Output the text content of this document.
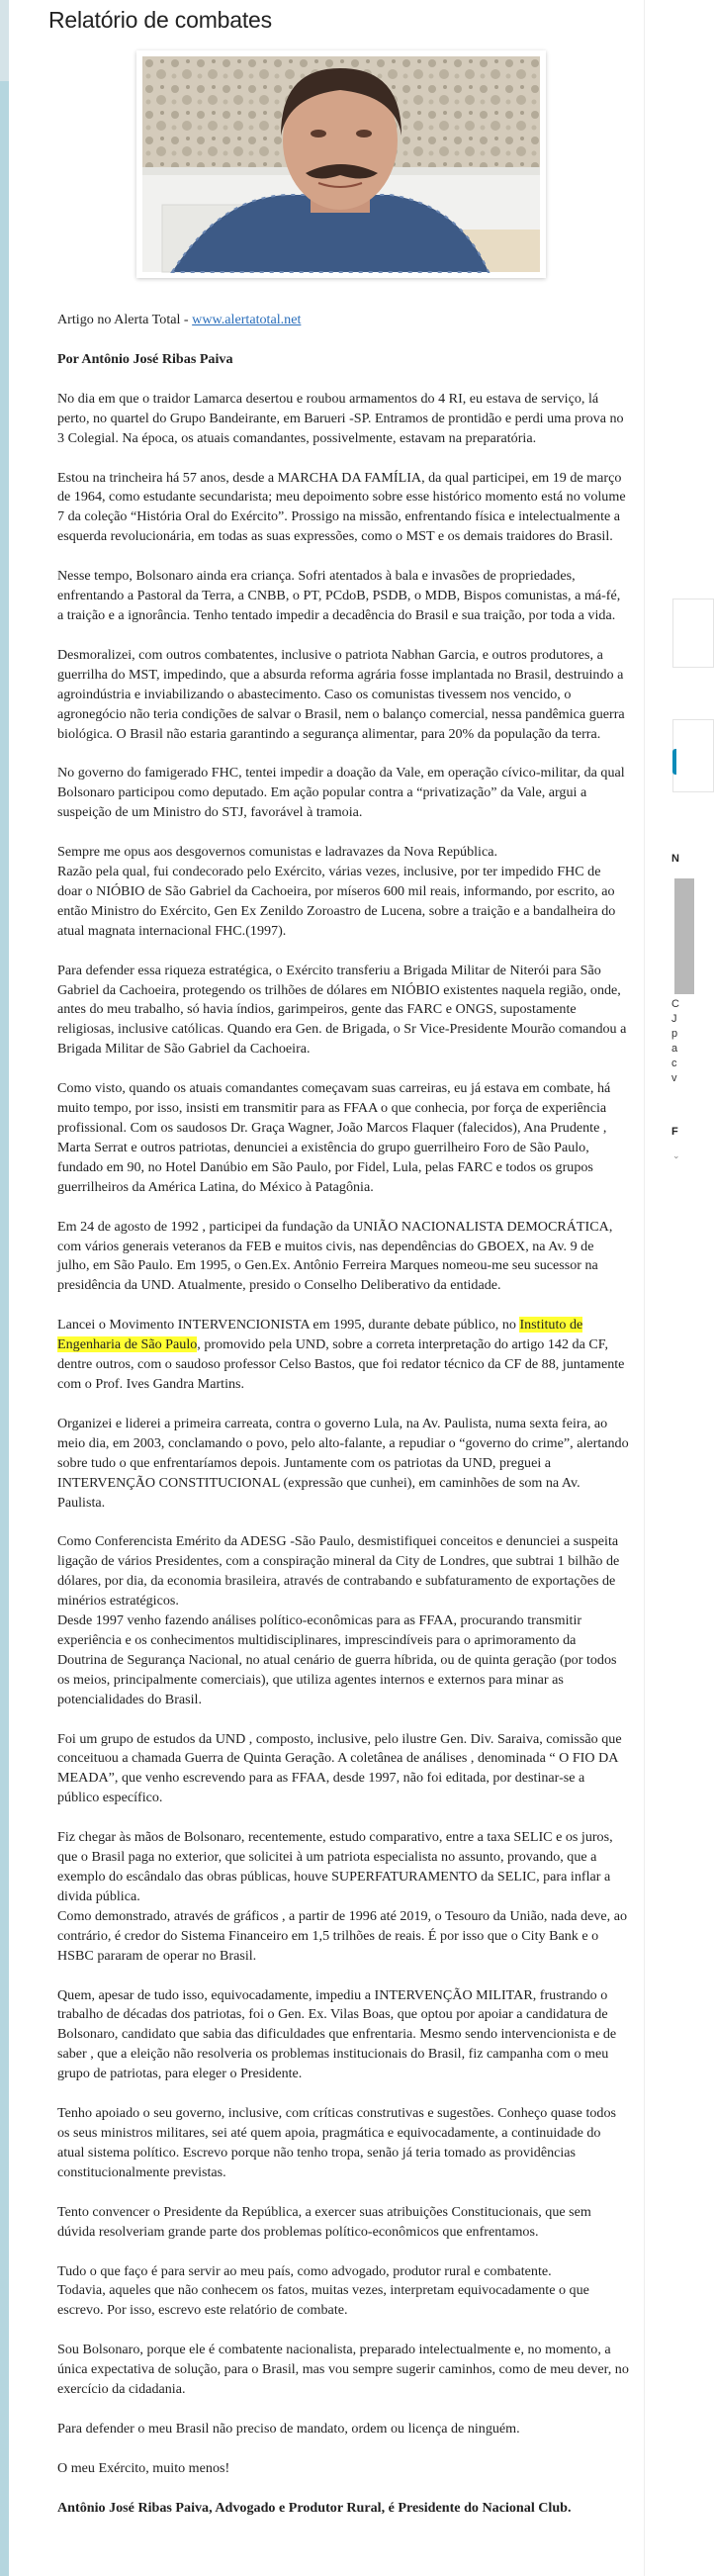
Relatório de combates

Artigo no Alerta Total - www.alertatotal.net

Por Antônio José Ribas Paiva

No dia em que o traidor Lamarca desertou e roubou armamentos do 4 RI, eu estava de serviço, lá perto, no quartel do Grupo Bandeirante, em Barueri -SP. Entramos de prontidão e perdi uma prova no 3 Colegial. Na época, os atuais comandantes, possivelmente, estavam na preparatória.

Estou na trincheira há 57 anos, desde a MARCHA DA FAMÍLIA, da qual participei, em 19 de março de 1964, como estudante secundarista; meu depoimento sobre esse histórico momento está no volume 7 da coleção “História Oral do Exército”. Prossigo na missão, enfrentando física e intelectualmente a esquerda revolucionária, em todas as suas expressões, como o MST e os demais traidores do Brasil.

Nesse tempo, Bolsonaro ainda era criança. Sofri atentados à bala e invasões de propriedades, enfrentando a Pastoral da Terra, a CNBB, o PT, PCdoB, PSDB, o MDB, Bispos comunistas, a má-fé, a traição e a ignorância. Tenho tentado impedir a decadência do Brasil e sua traição, por toda a vida.

Desmoralizei, com outros combatentes, inclusive o patriota Nabhan Garcia, e outros produtores, a guerrilha do MST, impedindo, que a absurda reforma agrária fosse implantada no Brasil, destruindo a agroindústria e inviabilizando o abastecimento. Caso os comunistas tivessem nos vencido, o agronegócio não teria condições de salvar o Brasil, nem o balanço comercial, nessa pandêmica guerra biológica. O Brasil não estaria garantindo a segurança alimentar, para 20% da população da terra.

No governo do famigerado FHC, tentei impedir a doação da Vale, em operação cívico-militar, da qual Bolsonaro participou como deputado. Em ação popular contra a “privatização” da Vale, argui a suspeição de um Ministro do STJ, favorável à tramoia.

Sempre me opus aos desgovernos comunistas e ladravazes da Nova República.
Razão pela qual, fui condecorado pelo Exército, várias vezes, inclusive, por ter impedido FHC de doar o NIÓBIO de São Gabriel da Cachoeira, por míseros 600 mil reais, informando, por escrito, ao então Ministro do Exército, Gen Ex Zenildo Zoroastro de Lucena, sobre a traição e a bandalheira do atual magnata internacional FHC.(1997).

Para defender essa riqueza estratégica, o Exército transferiu a Brigada Militar de Niterói para São Gabriel da Cachoeira, protegendo os trilhões de dólares em NIÓBIO existentes naquela região, onde, antes do meu trabalho, só havia índios, garimpeiros, gente das FARC e ONGS, supostamente religiosas, inclusive católicas. Quando era Gen. de Brigada, o Sr Vice-Presidente Mourão comandou a Brigada Militar de São Gabriel da Cachoeira.

Como visto, quando os atuais comandantes começavam suas carreiras, eu já estava em combate, há muito tempo, por isso, insisti em transmitir para as FFAA o que conhecia, por força de experiência profissional. Com os saudosos Dr. Graça Wagner, João Marcos Flaquer (falecidos), Ana Prudente , Marta Serrat e outros patriotas, denunciei a existência do grupo guerrilheiro Foro de São Paulo, fundado em 90, no Hotel Danúbio em São Paulo, por Fidel, Lula, pelas FARC e todos os grupos guerrilheiros da América Latina, do México à Patagônia.

Em 24 de agosto de 1992 , participei da fundação da UNIÃO NACIONALISTA DEMOCRÁTICA, com vários generais veteranos da FEB e muitos civis, nas dependências do GBOEX, na Av. 9 de julho, em São Paulo. Em 1995, o Gen.Ex. Antônio Ferreira Marques nomeou-me seu sucessor na presidência da UND. Atualmente, presido o Conselho Deliberativo da entidade.

Lancei o Movimento INTERVENCIONISTA em 1995, durante debate público, no Instituto de Engenharia de São Paulo, promovido pela UND, sobre a correta interpretação do artigo 142 da CF, dentre outros, com o saudoso professor Celso Bastos, que foi redator técnico da CF de 88, juntamente com o Prof. Ives Gandra Martins.

Organizei e liderei a primeira carreata, contra o governo Lula, na Av. Paulista, numa sexta feira, ao meio dia, em 2003, conclamando o povo, pelo alto-falante, a repudiar o “governo do crime”, alertando sobre tudo o que enfrentaríamos depois. Juntamente com os patriotas da UND, preguei a INTERVENÇÃO CONSTITUCIONAL (expressão que cunhei), em caminhões de som na Av. Paulista.

Como Conferencista Emérito da ADESG -São Paulo, desmistifiquei conceitos e denunciei a suspeita ligação de vários Presidentes, com a conspiração mineral da City de Londres, que subtrai 1 bilhão de dólares, por dia, da economia brasileira, através de contrabando e subfaturamento de exportações de minérios estratégicos.
Desde 1997 venho fazendo análises político-econômicas para as FFAA, procurando transmitir experiência e os conhecimentos multidisciplinares, imprescindíveis para o aprimoramento da Doutrina de Segurança Nacional, no atual cenário de guerra híbrida, ou de quinta geração (por todos os meios, principalmente comerciais), que utiliza agentes internos e externos para minar as potencialidades do Brasil.

Foi um grupo de estudos da UND , composto, inclusive, pelo ilustre Gen. Div. Saraiva, comissão que conceituou a chamada Guerra de Quinta Geração. A coletânea de análises , denominada “ O FIO DA MEADA”, que venho escrevendo para as FFAA, desde 1997, não foi editada, por destinar-se a público específico.

Fiz chegar às mãos de Bolsonaro, recentemente, estudo comparativo, entre a taxa SELIC e os juros, que o Brasil paga no exterior, que solicitei à um patriota especialista no assunto, provando, que a exemplo do escândalo das obras públicas, houve SUPERFATURAMENTO da SELIC, para inflar a divida pública.
Como demonstrado, através de gráficos , a partir de 1996 até 2019, o Tesouro da União, nada deve, ao contrário, é credor do Sistema Financeiro em 1,5 trilhões de reais. É por isso que o City Bank e o HSBC pararam de operar no Brasil.

Quem, apesar de tudo isso, equivocadamente, impediu a INTERVENÇÃO MILITAR, frustrando o trabalho de décadas dos patriotas, foi o Gen. Ex. Vilas Boas, que optou por apoiar a candidatura de Bolsonaro, candidato que sabia das dificuldades que enfrentaria. Mesmo sendo intervencionista e de saber , que a eleição não resolveria os problemas institucionais do Brasil, fiz campanha com o meu grupo de patriotas, para eleger o Presidente.

Tenho apoiado o seu governo, inclusive, com críticas construtivas e sugestões. Conheço quase todos os seus ministros militares, sei até quem apoia, pragmática e equivocadamente, a continuidade do atual sistema político. Escrevo porque não tenho tropa, senão já teria tomado as providências constitucionalmente previstas.

Tento convencer o Presidente da República, a exercer suas atribuições Constitucionais, que sem dúvida resolveriam grande parte dos problemas político-econômicos que enfrentamos.

Tudo o que faço é para servir ao meu país, como advogado, produtor rural e combatente.
Todavia, aqueles que não conhecem os fatos, muitas vezes, interpretam equivocadamente o que escrevo. Por isso, escrevo este relatório de combate.

Sou Bolsonaro, porque ele é combatente nacionalista, preparado intelectualmente e, no momento, a única expectativa de solução, para o Brasil, mas vou sempre sugerir caminhos, como de meu dever, no exercício da cidadania.

Para defender o meu Brasil não preciso de mandato, ordem ou licença de ninguém.

O meu Exército, muito menos!

Antônio José Ribas Paiva, Advogado e Produtor Rural, é Presidente do Nacional Club.

N
C
J
p
a
c
v
F
⌄
